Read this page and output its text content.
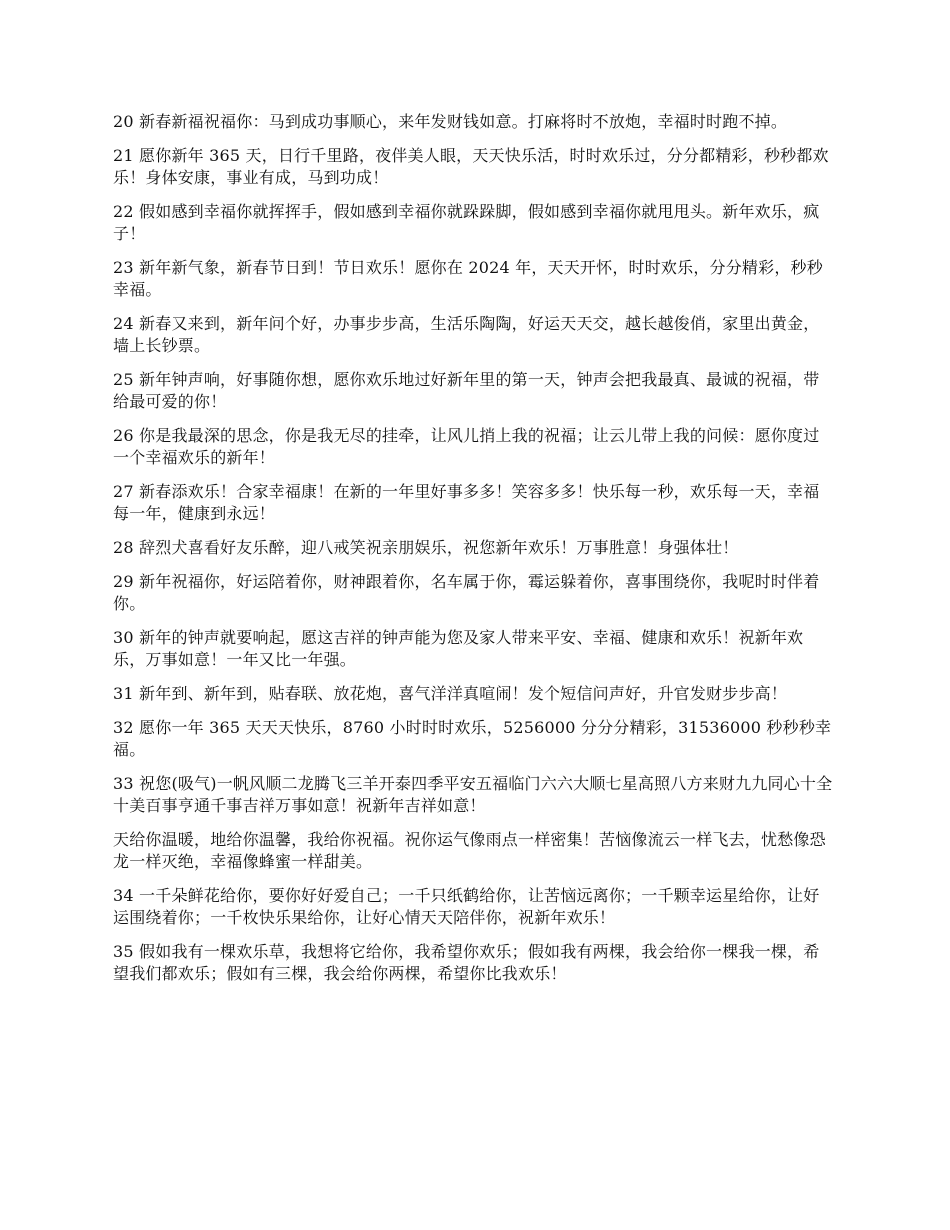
20 新春新福祝福你：马到成功事顺心，来年发财钱如意。打麻将时不放炮，幸福时时跑不掉。

21 愿你新年 365 天，日行千里路，夜伴美人眼，天天快乐活，时时欢乐过，分分都精彩，秒秒都欢乐！身体安康，事业有成，马到功成！

22 假如感到幸福你就挥挥手，假如感到幸福你就跺跺脚，假如感到幸福你就甩甩头。新年欢乐，疯子！

23 新年新气象，新春节日到！节日欢乐！愿你在 2024 年，天天开怀，时时欢乐，分分精彩，秒秒幸福。

24 新春又来到，新年问个好，办事步步高，生活乐陶陶，好运天天交，越长越俊俏，家里出黄金，墙上长钞票。

25 新年钟声响，好事随你想，愿你欢乐地过好新年里的第一天，钟声会把我最真、最诚的祝福，带给最可爱的你！

26 你是我最深的思念，你是我无尽的挂牵，让风儿捎上我的祝福；让云儿带上我的问候：愿你度过一个幸福欢乐的新年！

27 新春添欢乐！合家幸福康！在新的一年里好事多多！笑容多多！快乐每一秒，欢乐每一天，幸福每一年，健康到永远！

28 辞烈犬喜看好友乐醉，迎八戒笑祝亲朋娱乐，祝您新年欢乐！万事胜意！身强体壮！

29 新年祝福你，好运陪着你，财神跟着你，名车属于你，霉运躲着你，喜事围绕你，我呢时时伴着你。

30 新年的钟声就要响起，愿这吉祥的钟声能为您及家人带来平安、幸福、健康和欢乐！祝新年欢乐，万事如意！一年又比一年强。

31 新年到、新年到，贴春联、放花炮，喜气洋洋真喧闹！发个短信问声好，升官发财步步高！

32 愿你一年 365 天天天快乐，8760 小时时时欢乐，5256000 分分分精彩，31536000 秒秒秒幸福。

33 祝您(吸气)一帆风顺二龙腾飞三羊开泰四季平安五福临门六六大顺七星高照八方来财九九同心十全十美百事亨通千事吉祥万事如意！祝新年吉祥如意！

天给你温暖，地给你温馨，我给你祝福。祝你运气像雨点一样密集！苦恼像流云一样飞去，忧愁像恐龙一样灭绝，幸福像蜂蜜一样甜美。

34 一千朵鲜花给你，要你好好爱自己；一千只纸鹤给你，让苦恼远离你；一千颗幸运星给你，让好运围绕着你；一千枚快乐果给你，让好心情天天陪伴你，祝新年欢乐！

35 假如我有一棵欢乐草，我想将它给你，我希望你欢乐；假如我有两棵，我会给你一棵我一棵，希望我们都欢乐；假如有三棵，我会给你两棵，希望你比我欢乐！
